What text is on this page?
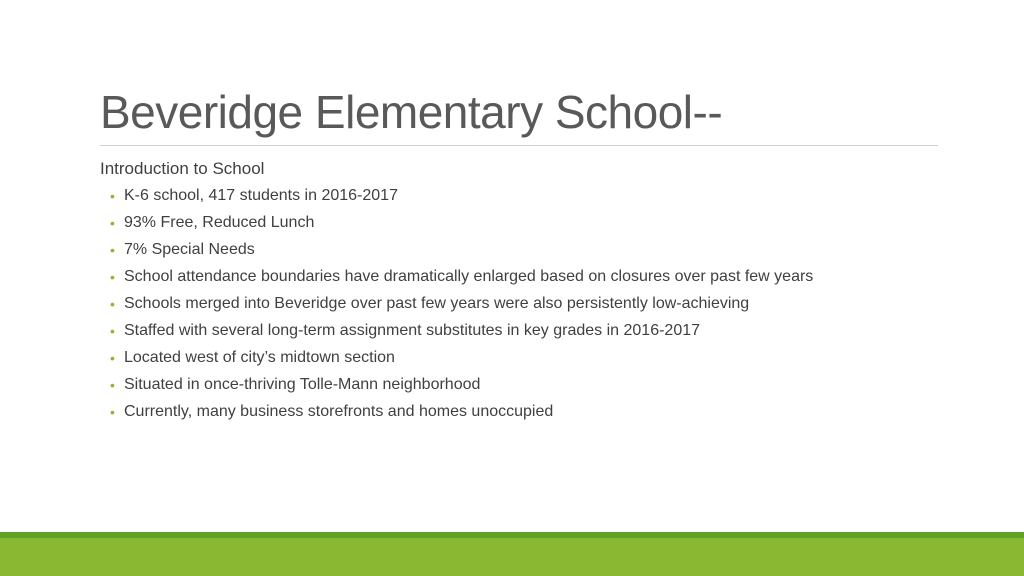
Beveridge Elementary School--

Introduction to School

• K-6 school, 417 students in 2016-2017
• 93% Free, Reduced Lunch
• 7% Special Needs
• School attendance boundaries have dramatically enlarged based on closures over past few years
• Schools merged into Beveridge over past few years were also persistently low-achieving
• Staffed with several long-term assignment substitutes in key grades in 2016-2017
• Located west of city’s midtown section
• Situated in once-thriving Tolle-Mann neighborhood
• Currently, many business storefronts and homes unoccupied
